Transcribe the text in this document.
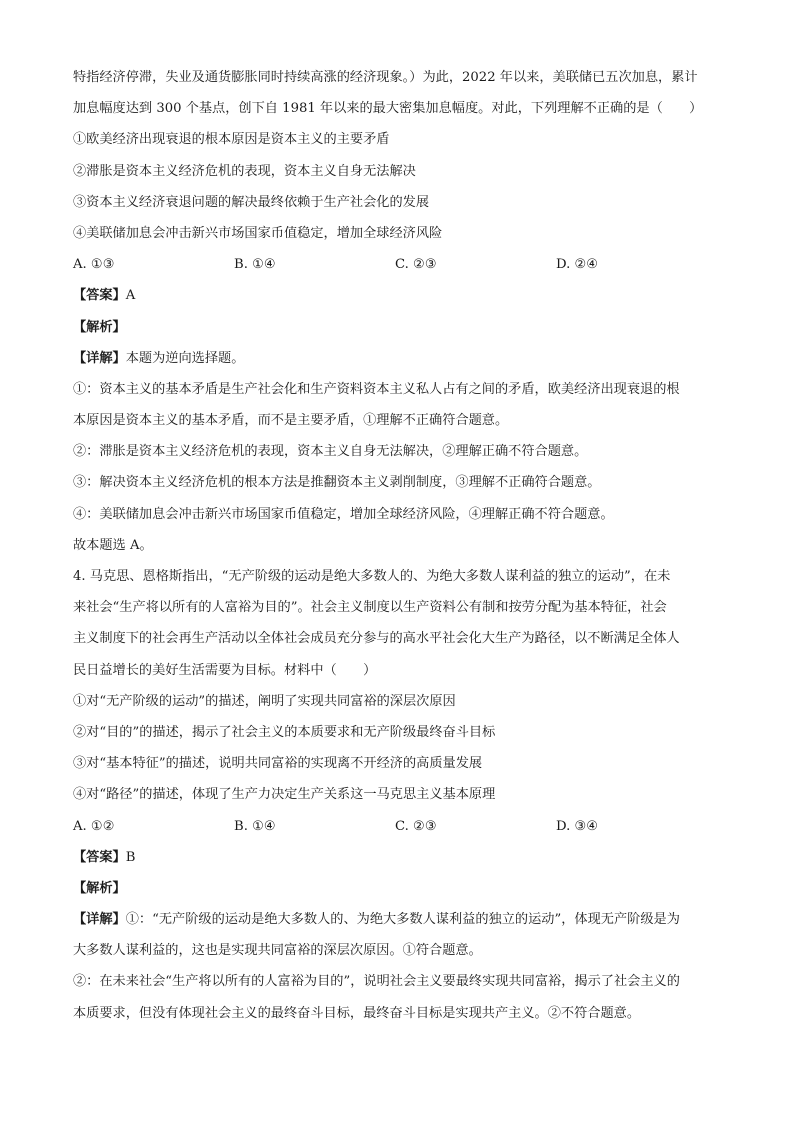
特指经济停滞，失业及通货膨胀同时持续高涨的经济现象。）为此，2022 年以来，美联储已五次加息，累计
加息幅度达到 300 个基点，创下自 1981 年以来的最大密集加息幅度。对此，下列理解不正确的是（　　）
①欧美经济出现衰退的根本原因是资本主义的主要矛盾
②滞胀是资本主义经济危机的表现，资本主义自身无法解决
③资本主义经济衰退问题的解决最终依赖于生产社会化的发展
④美联储加息会冲击新兴市场国家币值稳定，增加全球经济风险
A. ①③	B. ①④	C. ②③	D. ②④
【答案】A
【解析】
【详解】本题为逆向选择题。
①：资本主义的基本矛盾是生产社会化和生产资料资本主义私人占有之间的矛盾，欧美经济出现衰退的根
本原因是资本主义的基本矛盾，而不是主要矛盾，①理解不正确符合题意。
②：滞胀是资本主义经济危机的表现，资本主义自身无法解决，②理解正确不符合题意。
③：解决资本主义经济危机的根本方法是推翻资本主义剥削制度，③理解不正确符合题意。
④：美联储加息会冲击新兴市场国家币值稳定，增加全球经济风险，④理解正确不符合题意。
故本题选 A。
4. 马克思、恩格斯指出，“无产阶级的运动是绝大多数人的、为绝大多数人谋利益的独立的运动”，在未
来社会“生产将以所有的人富裕为目的”。社会主义制度以生产资料公有制和按劳分配为基本特征，社会
主义制度下的社会再生产活动以全体社会成员充分参与的高水平社会化大生产为路径，以不断满足全体人
民日益增长的美好生活需要为目标。材料中（　　）
①对“无产阶级的运动”的描述，阐明了实现共同富裕的深层次原因
②对“目的”的描述，揭示了社会主义的本质要求和无产阶级最终奋斗目标
③对“基本特征”的描述，说明共同富裕的实现离不开经济的高质量发展
④对“路径”的描述，体现了生产力决定生产关系这一马克思主义基本原理
A. ①②	B. ①④	C. ②③	D. ③④
【答案】B
【解析】
【详解】①：“无产阶级的运动是绝大多数人的、为绝大多数人谋利益的独立的运动”，体现无产阶级是为
大多数人谋利益的，这也是实现共同富裕的深层次原因。①符合题意。
②：在未来社会“生产将以所有的人富裕为目的”，说明社会主义要最终实现共同富裕，揭示了社会主义的
本质要求，但没有体现社会主义的最终奋斗目标，最终奋斗目标是实现共产主义。②不符合题意。
